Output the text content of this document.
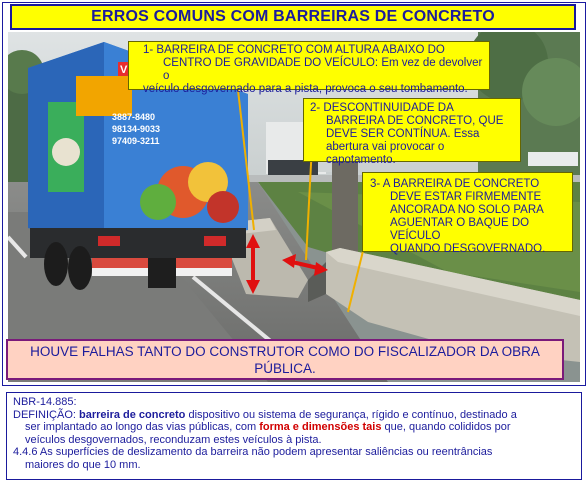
ERROS COMUNS COM BARREIRAS DE CONCRETO
V
3887-8480
98134-9033
97409-3211
1- BARREIRA DE CONCRETO COM ALTURA ABAIXO DO
CENTRO DE GRAVIDADE DO VEÍCULO: Em vez de devolver o
veículo desgovernado para a pista, provoca o seu tombamento.
2- DESCONTINUIDADE DA
BARREIRA DE CONCRETO, QUE
DEVE SER CONTÍNUA. Essa
abertura vai provocar o capotamento.
3- A BARREIRA DE CONCRETO
DEVE ESTAR FIRMEMENTE
ANCORADA NO SOLO PARA
AGUENTAR O BAQUE DO VEÍCULO
QUANDO DESGOVERNADO.
HOUVE FALHAS TANTO DO CONSTRUTOR COMO DO FISCALIZADOR DA OBRA
PÚBLICA.
NBR-14.885:
DEFINIÇÃO: barreira de concreto dispositivo ou sistema de segurança, rígido e contínuo, destinado a
ser implantado ao longo das vias públicas, com forma e dimensões tais que, quando colididos por
veículos desgovernados, reconduzam estes veículos à pista.
4.4.6 As superfícies de deslizamento da barreira não podem apresentar saliências ou reentrâncias
maiores do que 10 mm.
